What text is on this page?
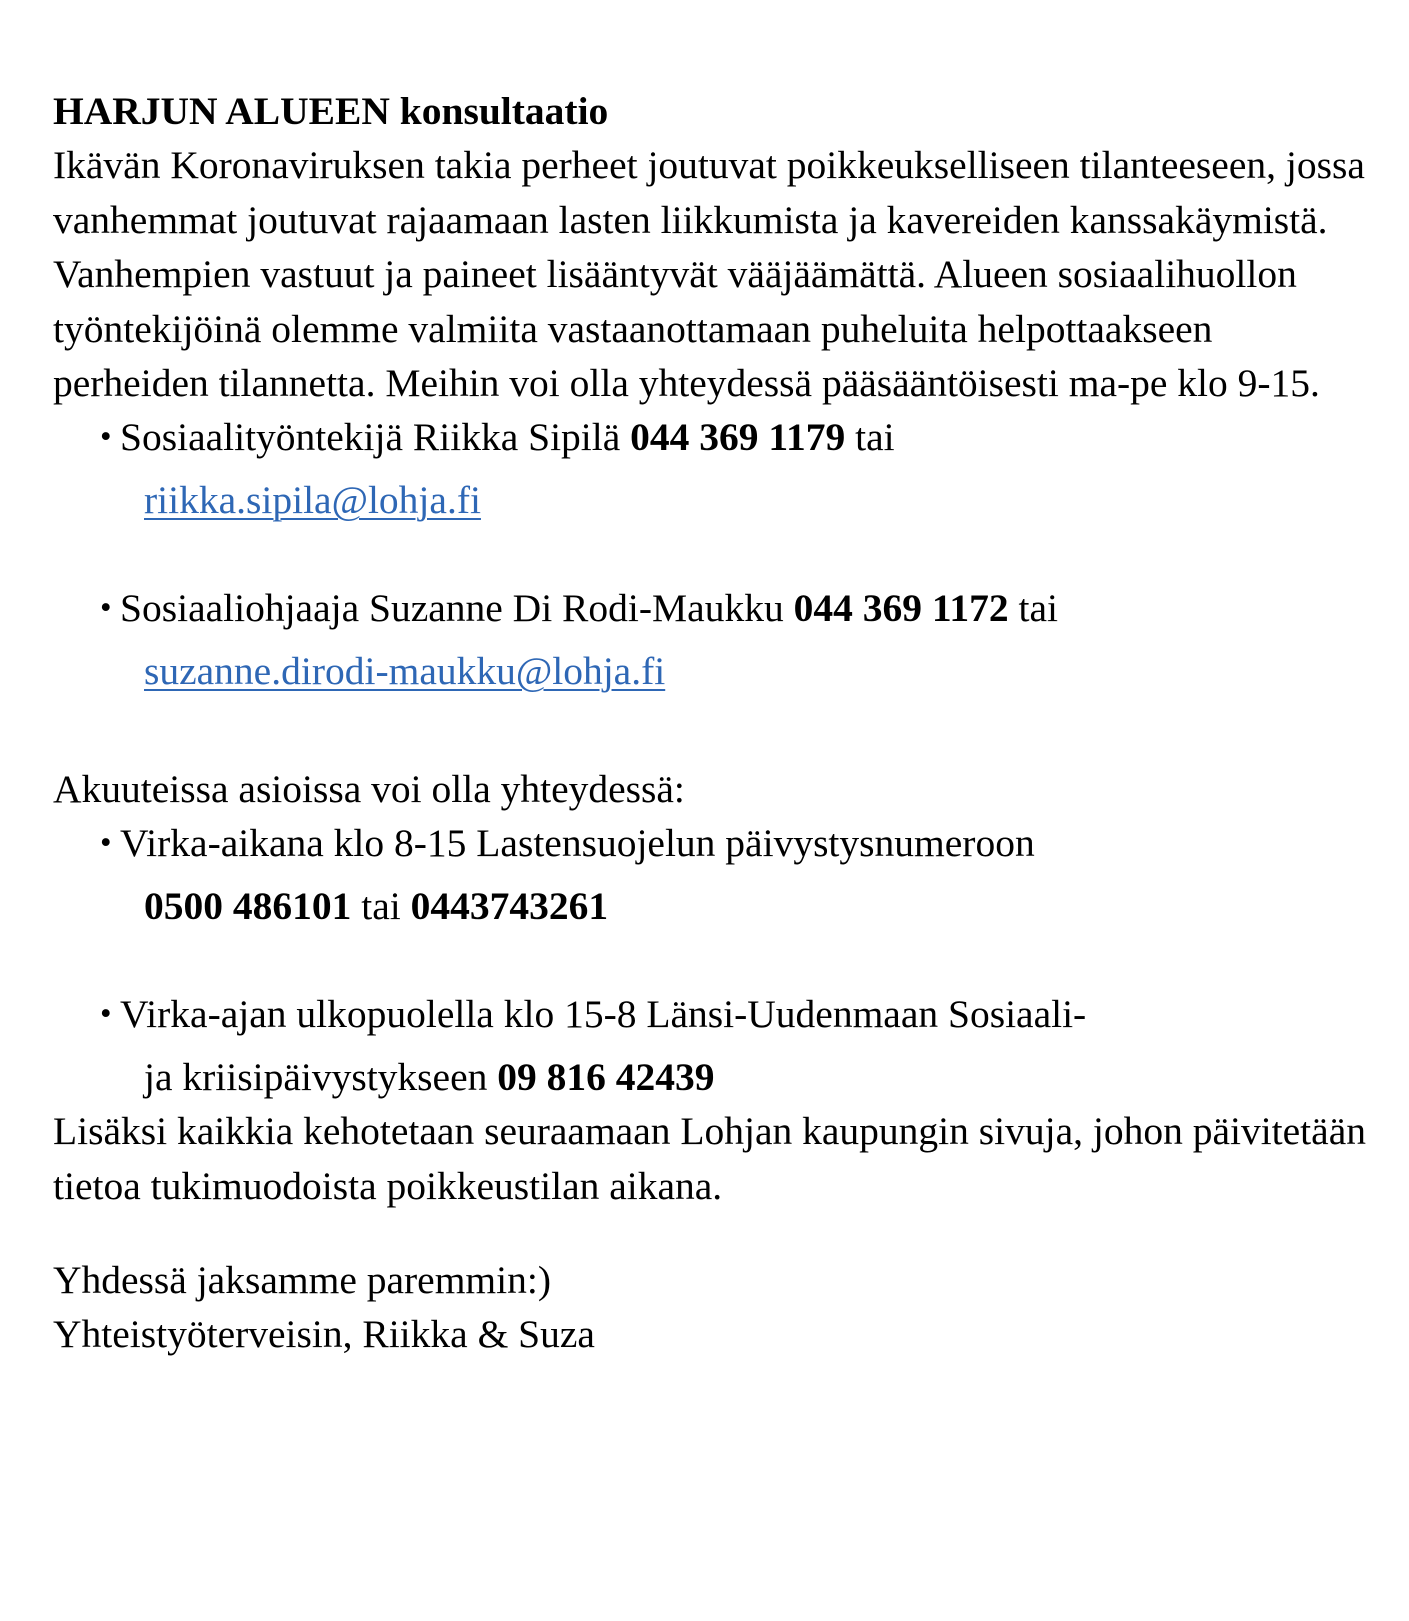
HARJUN ALUEEN konsultaatio

Ikävän Koronaviruksen takia perheet joutuvat poikkeukselliseen tilanteeseen, jossa vanhemmat joutuvat rajaamaan lasten liikkumista ja kavereiden kanssakäymistä. Vanhempien vastuut ja paineet lisääntyvät vääjäämättä. Alueen sosiaalihuollon työntekijöinä olemme valmiita vastaanottamaan puheluita helpottaakseen perheiden tilannetta. Meihin voi olla yhteydessä pääsääntöisesti ma-pe klo 9-15.

• Sosiaalityöntekijä Riikka Sipilä 044 369 1179 tai
riikka.sipila@lohja.fi
• Sosiaaliohjaaja Suzanne Di Rodi-Maukku 044 369 1172 tai
suzanne.dirodi-maukku@lohja.fi

Akuuteissa asioissa voi olla yhteydessä:

• Virka-aikana klo 8-15 Lastensuojelun päivystysnumeroon
0500 486101 tai 0443743261
• Virka-ajan ulkopuolella klo 15-8 Länsi-Uudenmaan Sosiaali-
ja kriisipäivystykseen 09 816 42439

Lisäksi kaikkia kehotetaan seuraamaan Lohjan kaupungin sivuja, johon päivitetään tietoa tukimuodoista poikkeustilan aikana.

Yhdessä jaksamme paremmin:)

Yhteistyöterveisin, Riikka & Suza
